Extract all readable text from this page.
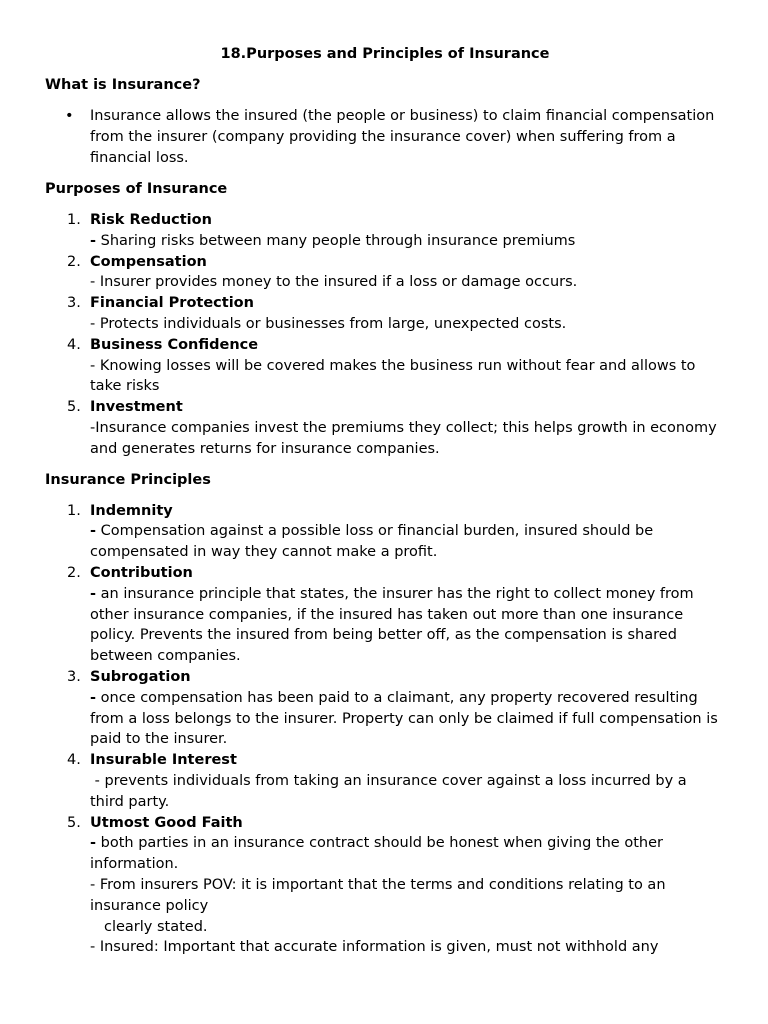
18.Purposes and Principles of Insurance
What is Insurance?
• Insurance allows the insured (the people or business) to claim financial compensation from the insurer (company providing the insurance cover) when suffering from a financial loss.
Purposes of Insurance
1. Risk Reduction
- Sharing risks between many people through insurance premiums
2. Compensation
- Insurer provides money to the insured if a loss or damage occurs.
3. Financial Protection
- Protects individuals or businesses from large, unexpected costs.
4. Business Confidence
- Knowing losses will be covered makes the business run without fear and allows to take risks
5. Investment
-Insurance companies invest the premiums they collect; this helps growth in economy and generates returns for insurance companies.
Insurance Principles
1. Indemnity
- Compensation against a possible loss or financial burden, insured should be compensated in way they cannot make a profit.
2. Contribution
- an insurance principle that states, the insurer has the right to collect money from other insurance companies, if the insured has taken out more than one insurance policy. Prevents the insured from being better off, as the compensation is shared between companies.
3. Subrogation
- once compensation has been paid to a claimant, any property recovered resulting from a loss belongs to the insurer. Property can only be claimed if full compensation is paid to the insurer.
4. Insurable Interest
- prevents individuals from taking an insurance cover against a loss incurred by a third party.
5. Utmost Good Faith
- both parties in an insurance contract should be honest when giving the other information.
- From insurers POV: it is important that the terms and conditions relating to an insurance policy
clearly stated.
- Insured: Important that accurate information is given, must not withhold any
